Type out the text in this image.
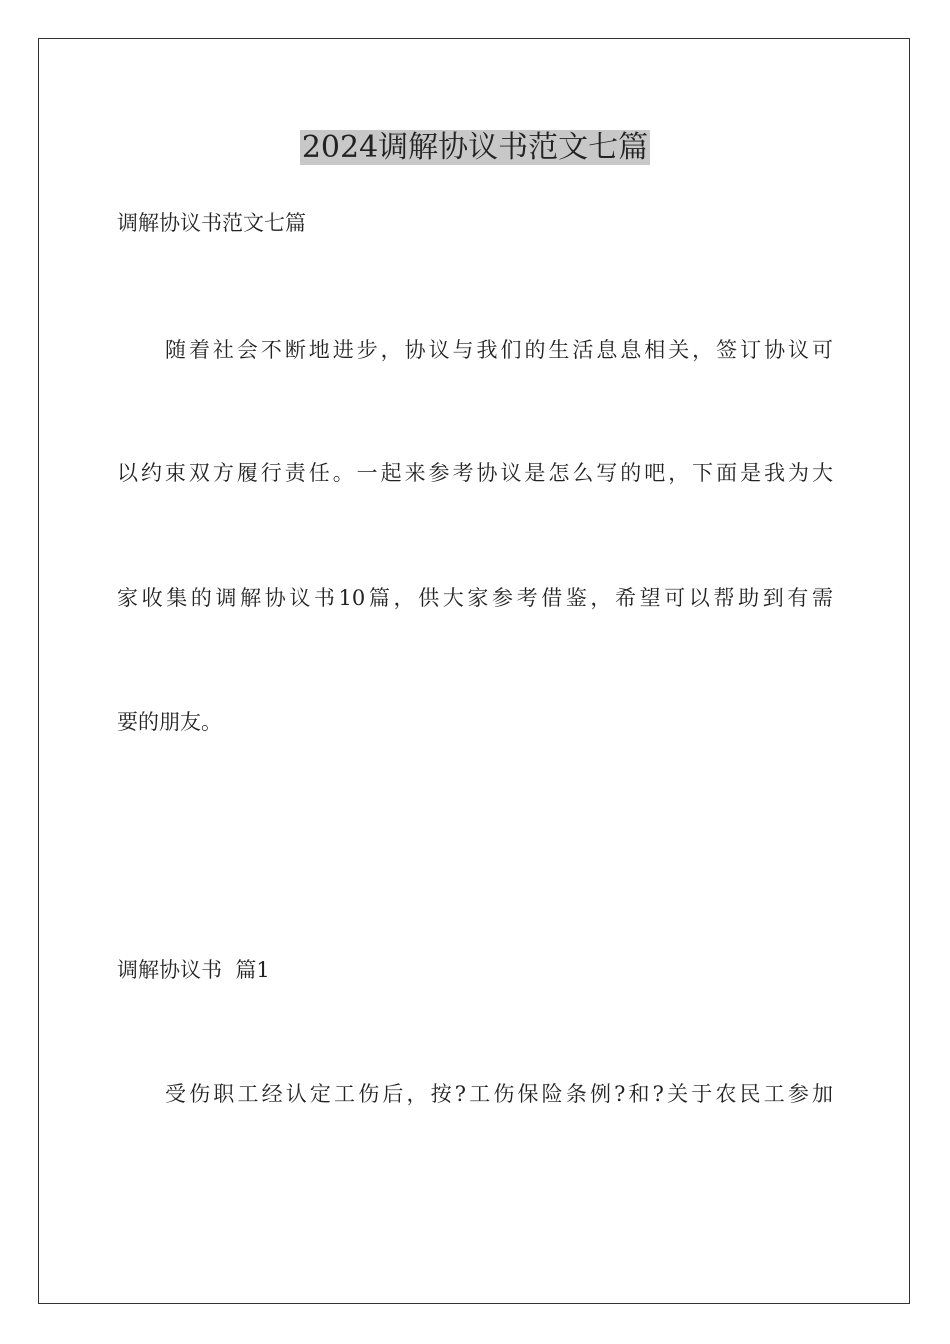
2024调解协议书范文七篇
调解协议书范文七篇
随着社会不断地进步，协议与我们的生活息息相关，签订协议可
以约束双方履行责任。一起来参考协议是怎么写的吧，下面是我为大
家收集的调解协议书10篇，供大家参考借鉴，希望可以帮助到有需
要的朋友。
调解协议书  篇1
受伤职工经认定工伤后，按?工伤保险条例?和?关于农民工参加
